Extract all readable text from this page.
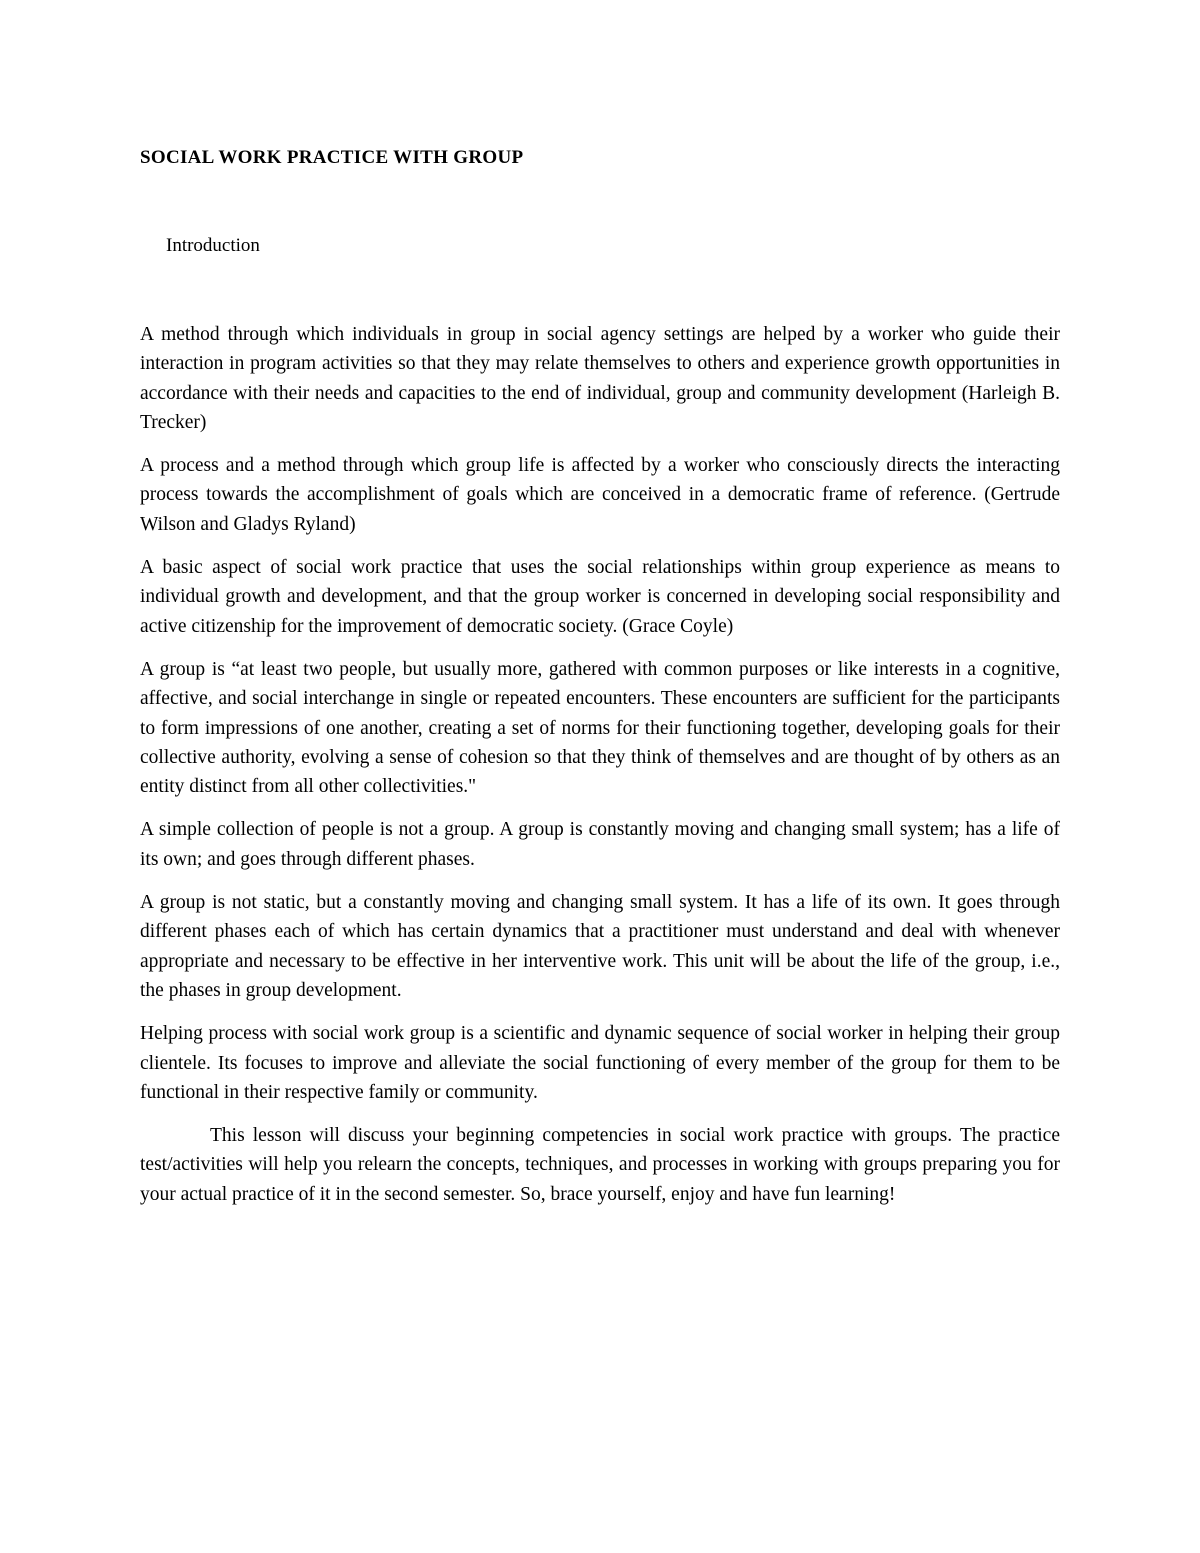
SOCIAL WORK PRACTICE WITH GROUP
Introduction

A method through which individuals in group in social agency settings are helped by a worker who guide their interaction in program activities so that they may relate themselves to others and experience growth opportunities in accordance with their needs and capacities to the end of individual, group and community development (Harleigh B. Trecker)

A process and a method through which group life is affected by a worker who consciously directs the interacting process towards the accomplishment of goals which are conceived in a democratic frame of reference. (Gertrude Wilson and Gladys Ryland)

A basic aspect of social work practice that uses the social relationships within group experience as means to individual growth and development, and that the group worker is concerned in developing social responsibility and active citizenship for the improvement of democratic society. (Grace Coyle)

A group is “at least two people, but usually more, gathered with common purposes or like interests in a cognitive, affective, and social interchange in single or repeated encounters. These encounters are sufficient for the participants to form impressions of one another, creating a set of norms for their functioning together, developing goals for their collective authority, evolving a sense of cohesion so that they think of themselves and are thought of by others as an entity distinct from all other collectivities."

A simple collection of people is not a group. A group is constantly moving and changing small system; has a life of its own; and goes through different phases.

A group is not static, but a constantly moving and changing small system. It has a life of its own. It goes through different phases each of which has certain dynamics that a practitioner must understand and deal with whenever appropriate and necessary to be effective in her interventive work. This unit will be about the life of the group, i.e., the phases in group development.

Helping process with social work group is a scientific and dynamic sequence of social worker in helping their group clientele. Its focuses to improve and alleviate the social functioning of every member of the group for them to be functional in their respective family or community.

This lesson will discuss your beginning competencies in social work practice with groups. The practice test/activities will help you relearn the concepts, techniques, and processes in working with groups preparing you for your actual practice of it in the second semester. So, brace yourself, enjoy and have fun learning!
